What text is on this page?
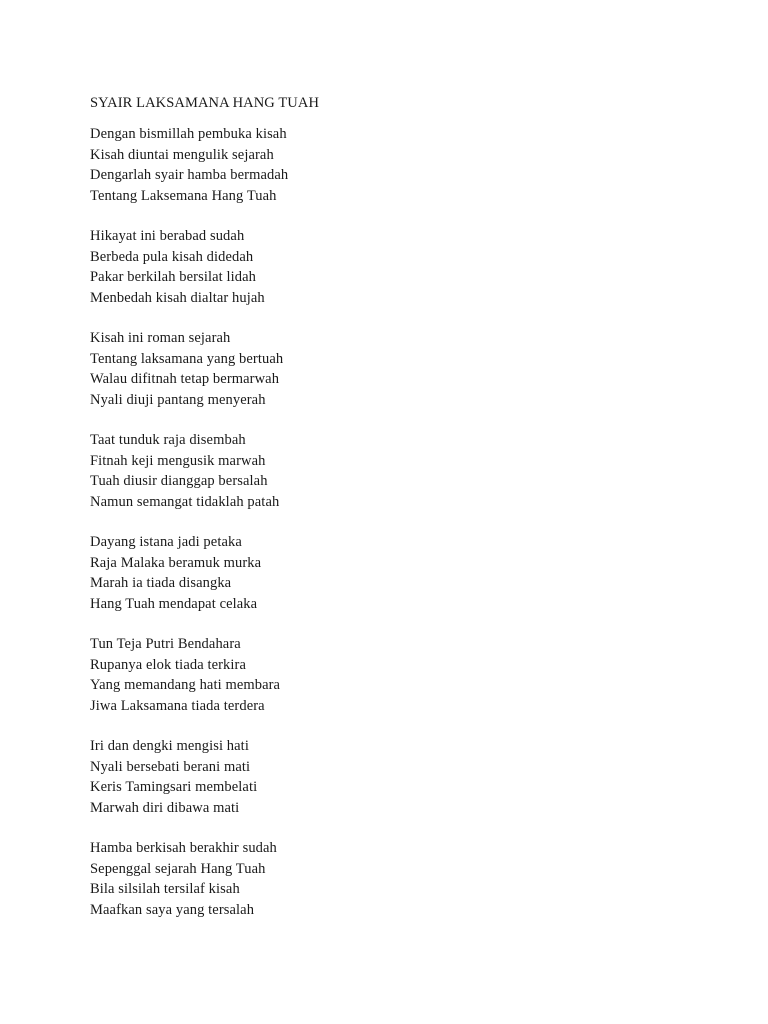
SYAIR LAKSAMANA HANG TUAH
Dengan bismillah pembuka kisah
Kisah diuntai mengulik sejarah
Dengarlah syair hamba bermadah
Tentang Laksemana Hang Tuah
Hikayat ini berabad sudah
Berbeda pula kisah didedah
Pakar berkilah bersilat lidah
Menbedah kisah dialtar hujah
Kisah ini roman sejarah
Tentang laksamana yang bertuah
Walau difitnah tetap bermarwah
Nyali diuji pantang menyerah
Taat tunduk raja disembah
Fitnah keji mengusik marwah
Tuah diusir dianggap bersalah
Namun semangat tidaklah patah
Dayang istana jadi petaka
Raja Malaka beramuk murka
Marah ia tiada disangka
Hang Tuah mendapat celaka
Tun Teja Putri Bendahara
Rupanya elok tiada terkira
Yang memandang hati membara
Jiwa Laksamana tiada terdera
Iri dan dengki mengisi hati
Nyali bersebati berani mati
Keris Tamingsari membelati
Marwah diri dibawa mati
Hamba berkisah berakhir sudah
Sepenggal sejarah Hang Tuah
Bila silsilah tersilaf kisah
Maafkan saya yang tersalah
